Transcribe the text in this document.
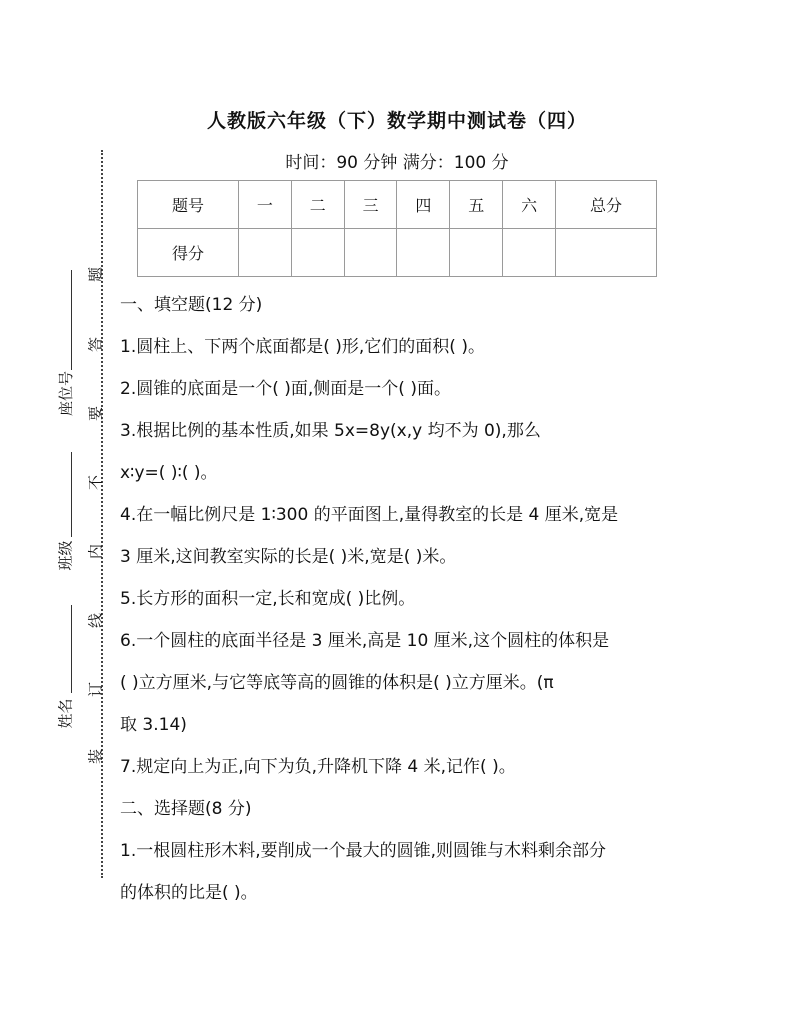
人教版六年级（下）数学期中测试卷（四）
时间：90 分钟 满分：100 分
题号	一	二	三	四	五	六	总分
得分							
题
答
要
不
内
线
订
装
座位号
班级
姓名
一、填空题(12 分)
1.圆柱上、下两个底面都是( )形,它们的面积( )。
2.圆锥的底面是一个( )面,侧面是一个( )面。
3.根据比例的基本性质,如果 5x=8y(x,y 均不为 0),那么
x∶y=( )∶( )。
4.在一幅比例尺是 1∶300 的平面图上,量得教室的长是 4 厘米,宽是
3 厘米,这间教室实际的长是( )米,宽是( )米。
5.长方形的面积一定,长和宽成( )比例。
6.一个圆柱的底面半径是 3 厘米,高是 10 厘米,这个圆柱的体积是
( )立方厘米,与它等底等高的圆锥的体积是( )立方厘米。(π
取 3.14)
7.规定向上为正,向下为负,升降机下降 4 米,记作( )。
二、选择题(8 分)
1.一根圆柱形木料,要削成一个最大的圆锥,则圆锥与木料剩余部分
的体积的比是( )。
